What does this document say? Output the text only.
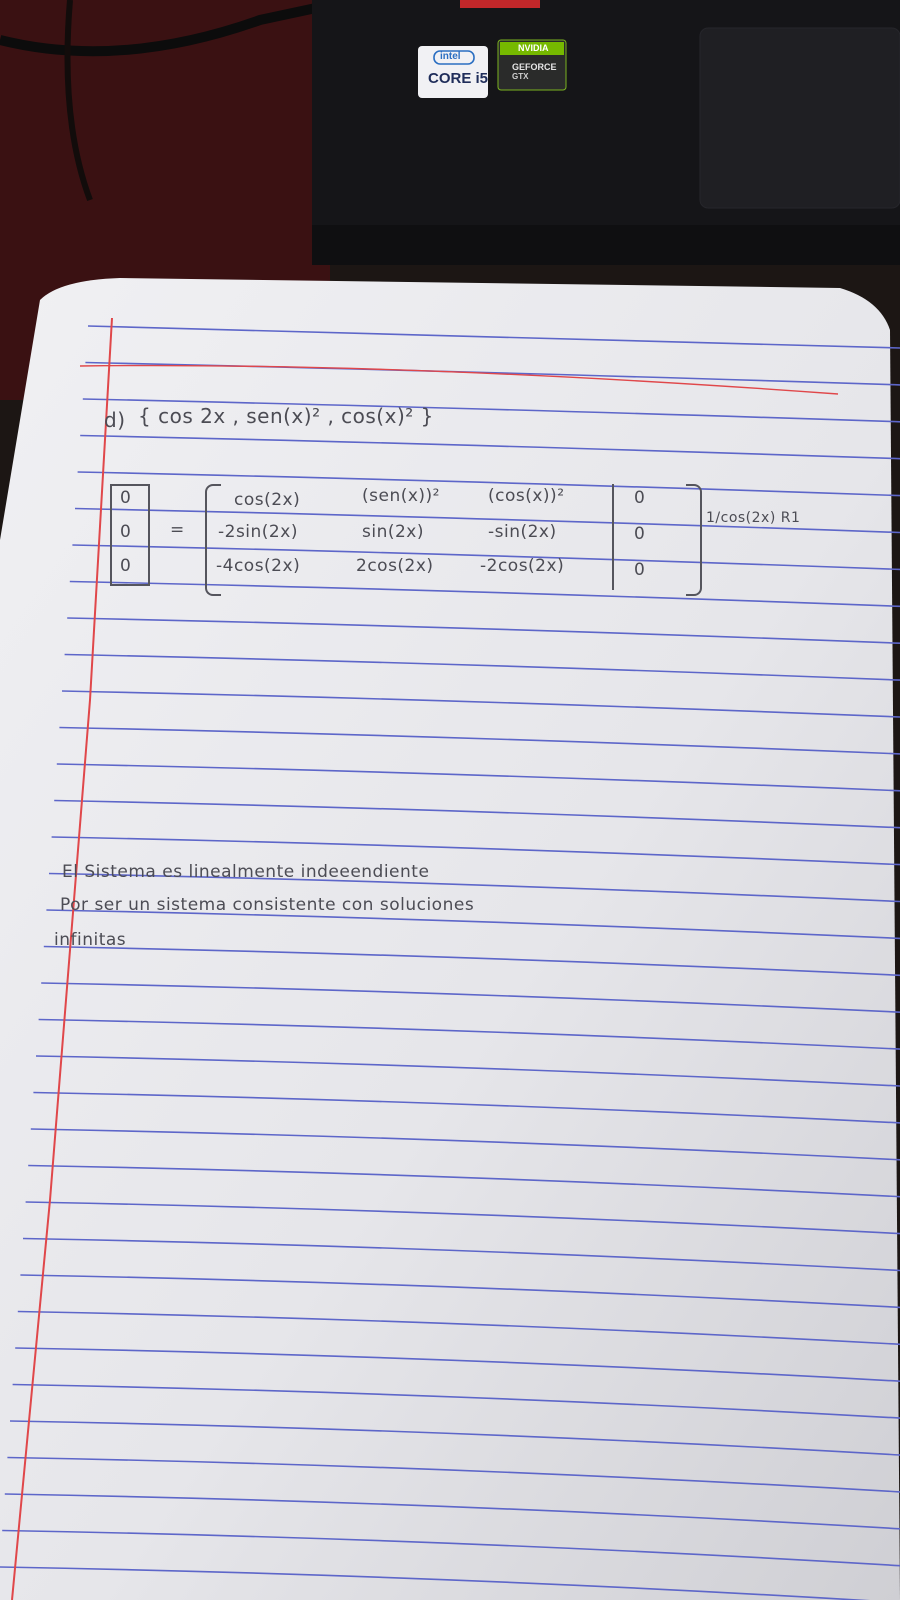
intel
CORE i5
NVIDIA
GEFORCE
GTX
d) { cos 2x , sen(x)² , cos(x)² }
0
0
0
=
cos(2x)	(sen(x))²	(cos(x))²	0
-2sin(2x)	sin(2x)	-sin(2x)	0
-4cos(2x)	2cos(2x)	-2cos(2x)	0
1/cos(2x) R1
El Sistema es linealmente indeeendiente
Por ser un sistema consistente con soluciones
infinitas
